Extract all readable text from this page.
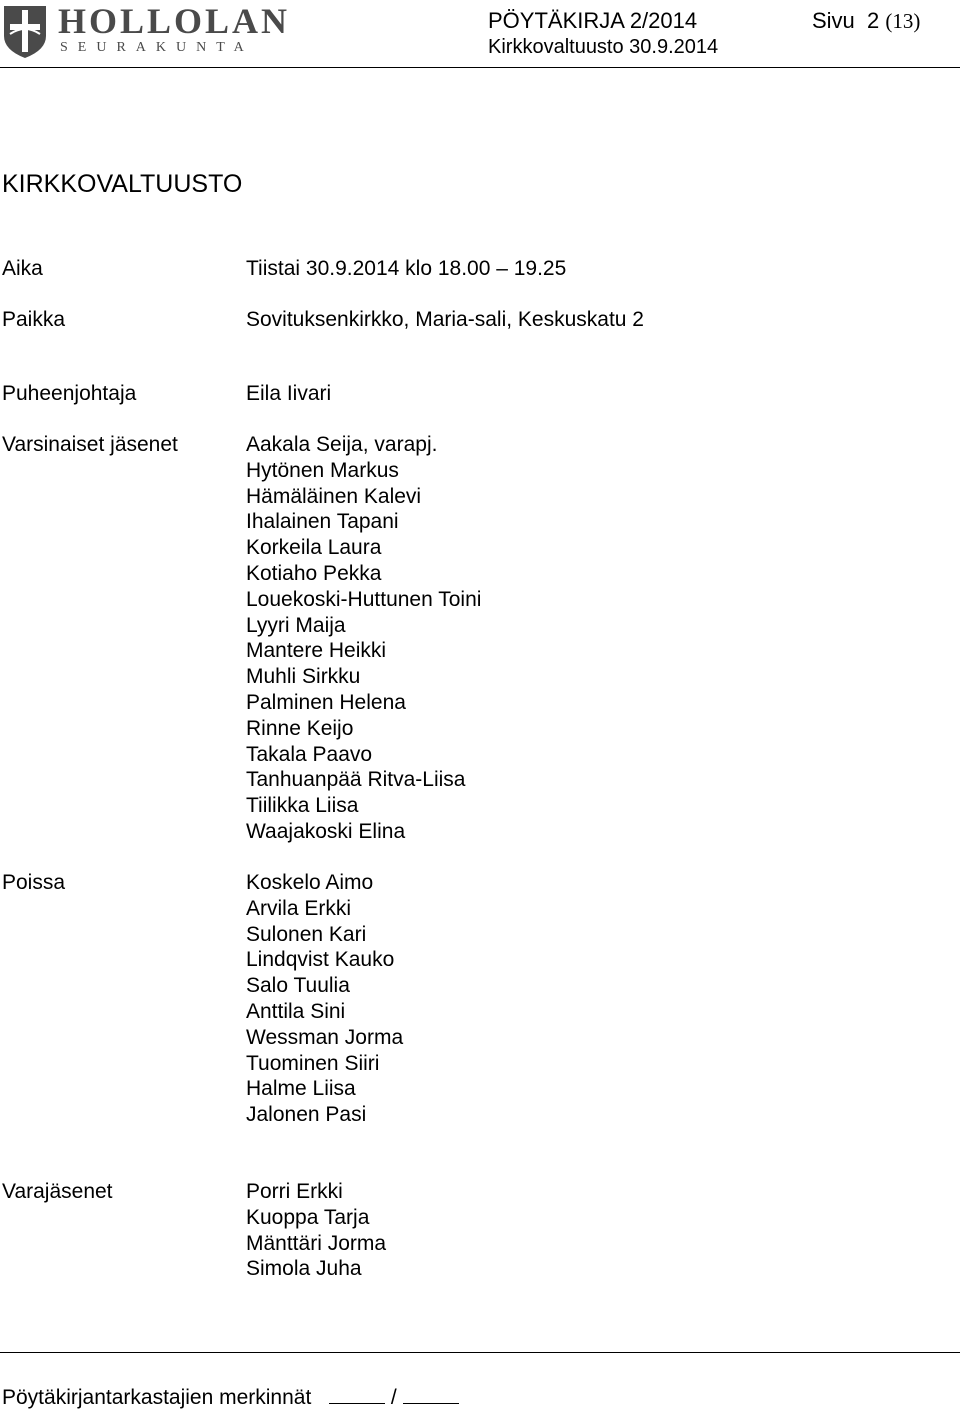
HOLLOLAN
SEURAKUNTA
PÖYTÄKIRJA 2/2014
Kirkkovaltuusto 30.9.2014
Sivu 2 (13)
KIRKKOVALTUUSTO
Aika	Tiistai 30.9.2014 klo 18.00 – 19.25
Paikka	Sovituksenkirkko, Maria-sali, Keskuskatu 2
Puheenjohtaja	Eila Iivari
Varsinaiset jäsenet	Aakala Seija, varapj.
Hytönen Markus
Hämäläinen Kalevi
Ihalainen Tapani
Korkeila Laura
Kotiaho Pekka
Louekoski-Huttunen Toini
Lyyri Maija
Mantere Heikki
Muhli Sirkku
Palminen Helena
Rinne Keijo
Takala Paavo
Tanhuanpää Ritva-Liisa
Tiilikka Liisa
Waajakoski Elina
Poissa	Koskelo Aimo
Arvila Erkki
Sulonen Kari
Lindqvist Kauko
Salo Tuulia
Anttila Sini
Wessman Jorma
Tuominen Siiri
Halme Liisa
Jalonen Pasi
Varajäsenet	Porri Erkki
Kuoppa Tarja
Mänttäri Jorma
Simola Juha
Pöytäkirjantarkastajien merkinnät	/
